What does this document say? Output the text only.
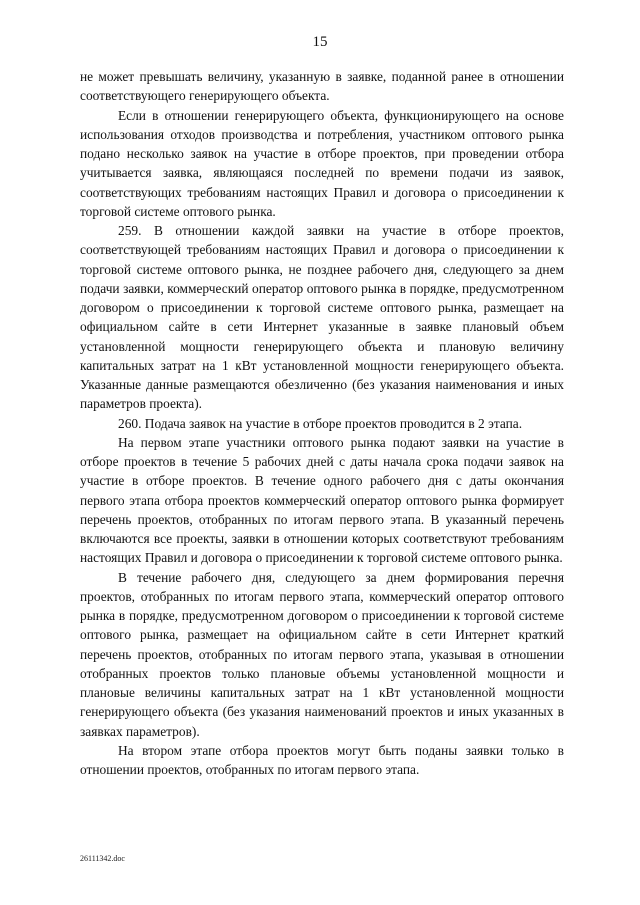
15

не может превышать величину, указанную в заявке, поданной ранее в отношении соответствующего генерирующего объекта.

Если в отношении генерирующего объекта, функционирующего на основе использования отходов производства и потребления, участником оптового рынка подано несколько заявок на участие в отборе проектов, при проведении отбора учитывается заявка, являющаяся последней по времени подачи из заявок, соответствующих требованиям настоящих Правил и договора о присоединении к торговой системе оптового рынка.

259. В отношении каждой заявки на участие в отборе проектов, соответствующей требованиям настоящих Правил и договора о присоединении к торговой системе оптового рынка, не позднее рабочего дня, следующего за днем подачи заявки, коммерческий оператор оптового рынка в порядке, предусмотренном договором о присоединении к торговой системе оптового рынка, размещает на официальном сайте в сети Интернет указанные в заявке плановый объем установленной мощности генерирующего объекта и плановую величину капитальных затрат на 1 кВт установленной мощности генерирующего объекта. Указанные данные размещаются обезличенно (без указания наименования и иных параметров проекта).

260. Подача заявок на участие в отборе проектов проводится в 2 этапа.

На первом этапе участники оптового рынка подают заявки на участие в отборе проектов в течение 5 рабочих дней с даты начала срока подачи заявок на участие в отборе проектов. В течение одного рабочего дня с даты окончания первого этапа отбора проектов коммерческий оператор оптового рынка формирует перечень проектов, отобранных по итогам первого этапа. В указанный перечень включаются все проекты, заявки в отношении которых соответствуют требованиям настоящих Правил и договора о присоединении к торговой системе оптового рынка.

В течение рабочего дня, следующего за днем формирования перечня проектов, отобранных по итогам первого этапа, коммерческий оператор оптового рынка в порядке, предусмотренном договором о присоединении к торговой системе оптового рынка, размещает на официальном сайте в сети Интернет краткий перечень проектов, отобранных по итогам первого этапа, указывая в отношении отобранных проектов только плановые объемы установленной мощности и плановые величины капитальных затрат на 1 кВт установленной мощности генерирующего объекта (без указания наименований проектов и иных указанных в заявках параметров).

На втором этапе отбора проектов могут быть поданы заявки только в отношении проектов, отобранных по итогам первого этапа.

26111342.doc
